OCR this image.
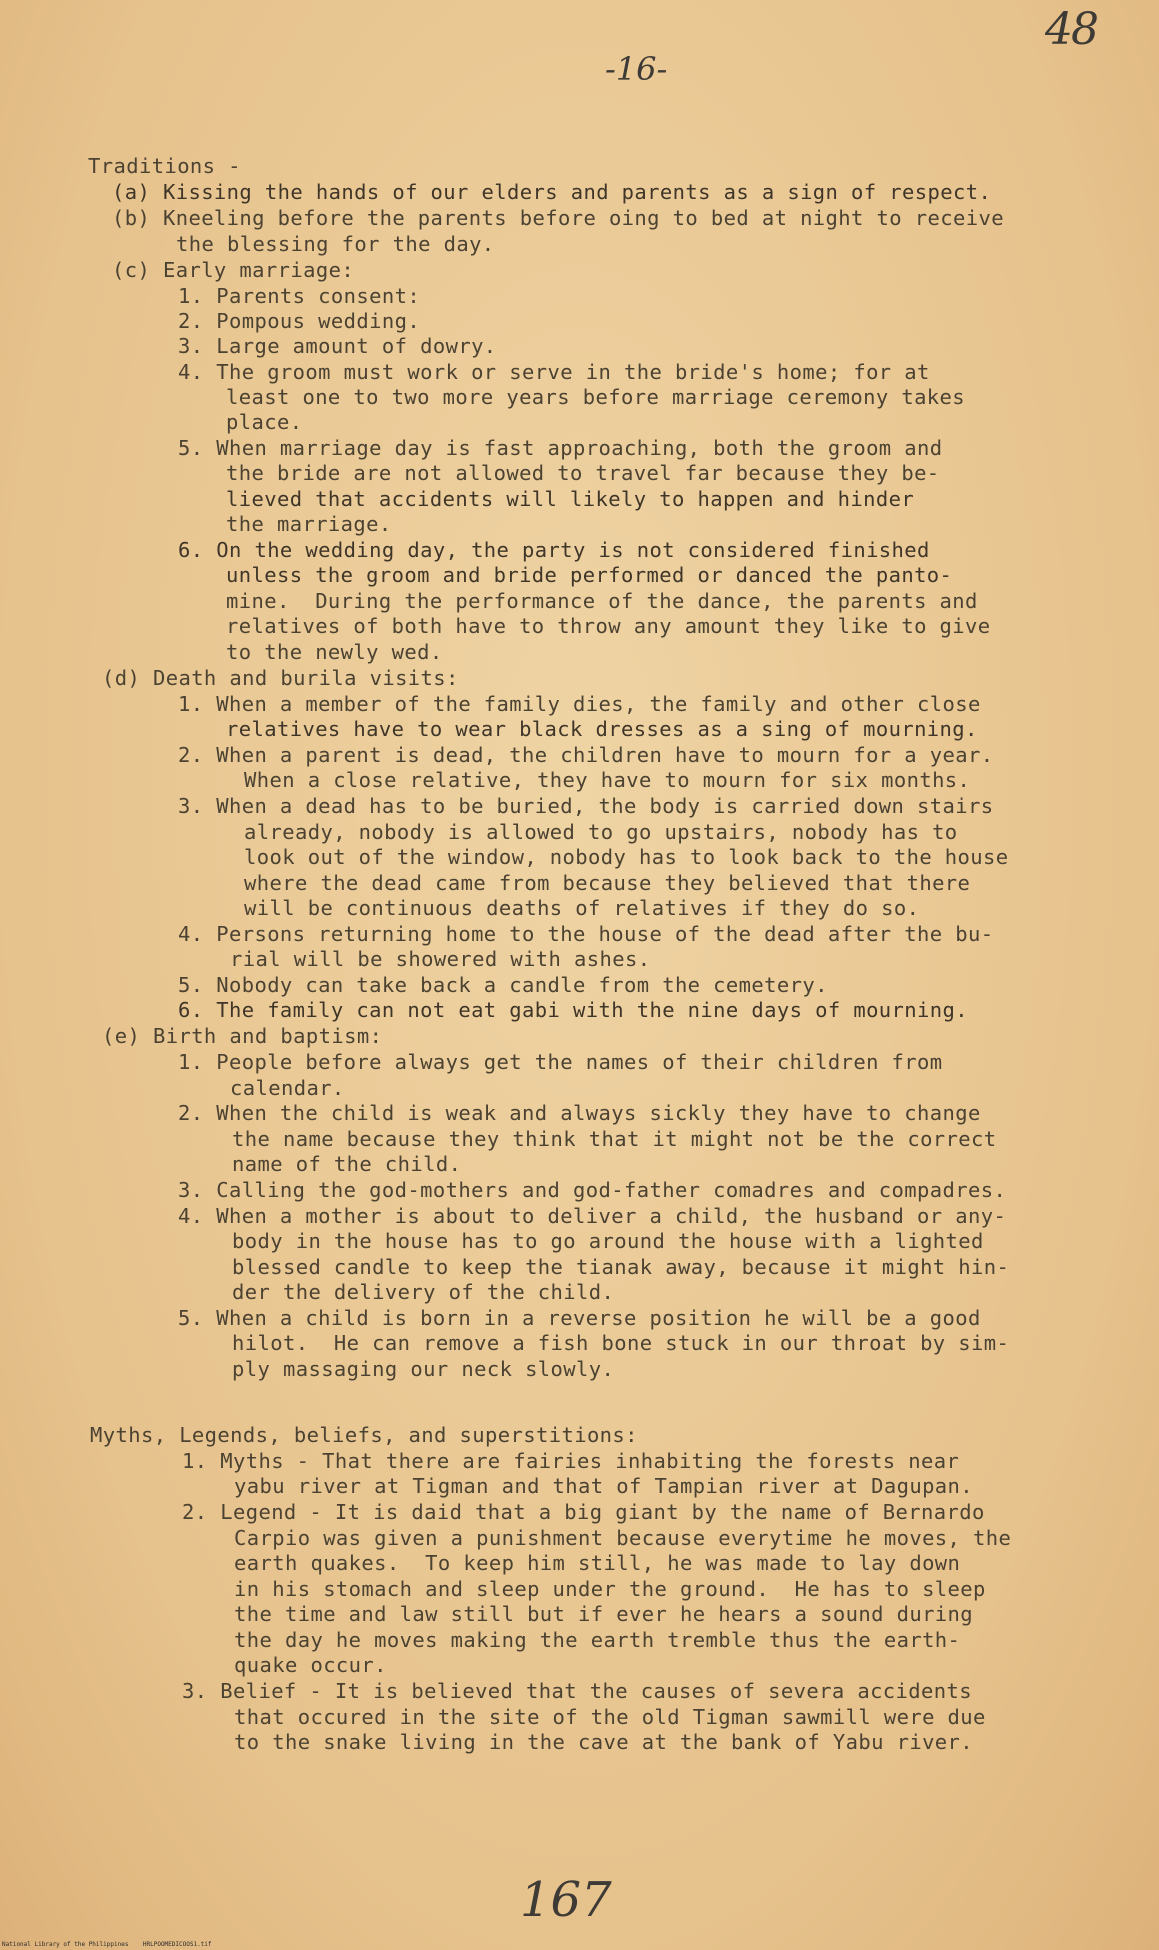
48
-16-
Traditions -
(a) Kissing the hands of our elders and parents as a sign of respect.
(b) Kneeling before the parents before oing to bed at night to receive
the blessing for the day.
(c) Early marriage:
1. Parents consent:
2. Pompous wedding.
3. Large amount of dowry.
4. The groom must work or serve in the bride's home; for at
least one to two more years before marriage ceremony takes
place.
5. When marriage day is fast approaching, both the groom and
the bride are not allowed to travel far because they be-
lieved that accidents will likely to happen and hinder
the marriage.
6. On the wedding day, the party is not considered finished
unless the groom and bride performed or danced the panto-
mine.  During the performance of the dance, the parents and
relatives of both have to throw any amount they like to give
to the newly wed.
(d) Death and burila visits:
1. When a member of the family dies, the family and other close
relatives have to wear black dresses as a sing of mourning.
2. When a parent is dead, the children have to mourn for a year.
When a close relative, they have to mourn for six months.
3. When a dead has to be buried, the body is carried down stairs
already, nobody is allowed to go upstairs, nobody has to
look out of the window, nobody has to look back to the house
where the dead came from because they believed that there
will be continuous deaths of relatives if they do so.
4. Persons returning home to the house of the dead after the bu-
rial will be showered with ashes.
5. Nobody can take back a candle from the cemetery.
6. The family can not eat gabi with the nine days of mourning.
(e) Birth and baptism:
1. People before always get the names of their children from
calendar.
2. When the child is weak and always sickly they have to change
the name because they think that it might not be the correct
name of the child.
3. Calling the god-mothers and god-father comadres and compadres.
4. When a mother is about to deliver a child, the husband or any-
body in the house has to go around the house with a lighted
blessed candle to keep the tianak away, because it might hin-
der the delivery of the child.
5. When a child is born in a reverse position he will be a good
hilot.  He can remove a fish bone stuck in our throat by sim-
ply massaging our neck slowly.
Myths, Legends, beliefs, and superstitions:
1. Myths - That there are fairies inhabiting the forests near
yabu river at Tigman and that of Tampian river at Dagupan.
2. Legend - It is daid that a big giant by the name of Bernardo
Carpio was given a punishment because everytime he moves, the
earth quakes.  To keep him still, he was made to lay down
in his stomach and sleep under the ground.  He has to sleep
the time and law still but if ever he hears a sound during
the day he moves making the earth tremble thus the earth-
quake occur.
3. Belief - It is believed that the causes of severa accidents
that occured in the site of the old Tigman sawmill were due
to the snake living in the cave at the bank of Yabu river.
167
National Library of the Philippines    HRLPOOMEDICOOS1.tif
